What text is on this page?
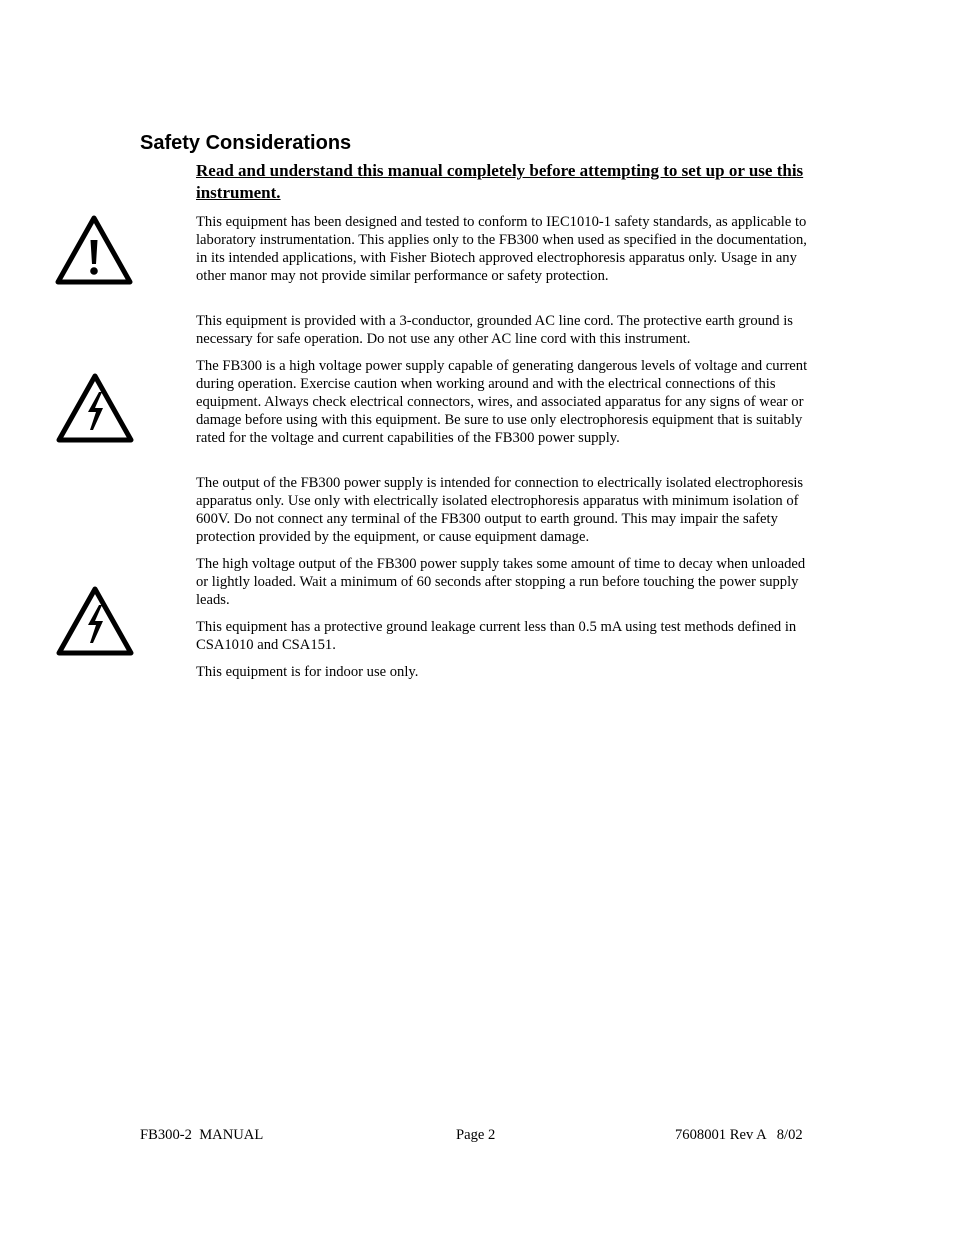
Safety Considerations

Read and understand this manual completely before attempting to set up or use this instrument.

This equipment has been designed and tested to conform to IEC1010-1 safety standards, as applicable to laboratory instrumentation. This applies only to the FB300 when used as specified in the documentation, in its intended applications, with Fisher Biotech approved electrophoresis apparatus only. Usage in any other manor may not provide similar performance or safety protection.

This equipment is provided with a 3-conductor, grounded AC line cord. The protective earth ground is necessary for safe operation. Do not use any other AC line cord with this instrument.

The FB300 is a high voltage power supply capable of generating dangerous levels of voltage and current during operation. Exercise caution when working around and with the electrical connections of this equipment. Always check electrical connectors, wires, and associated apparatus for any signs of wear or damage before using with this equipment. Be sure to use only electrophoresis equipment that is suitably rated for the voltage and current capabilities of the FB300 power supply.

The output of the FB300 power supply is intended for connection to electrically isolated electrophoresis apparatus only. Use only with electrically isolated electrophoresis apparatus with minimum isolation of 600V. Do not connect any terminal of the FB300 output to earth ground. This may impair the safety protection provided by the equipment, or cause equipment damage.

The high voltage output of the FB300 power supply takes some amount of time to decay when unloaded or lightly loaded. Wait a minimum of 60 seconds after stopping a run before touching the power supply leads.

This equipment has a protective ground leakage current less than 0.5 mA using test methods defined in CSA1010 and CSA151.

This equipment is for indoor use only.

FB300-2  MANUAL	Page 2	7608001 Rev A   8/02
